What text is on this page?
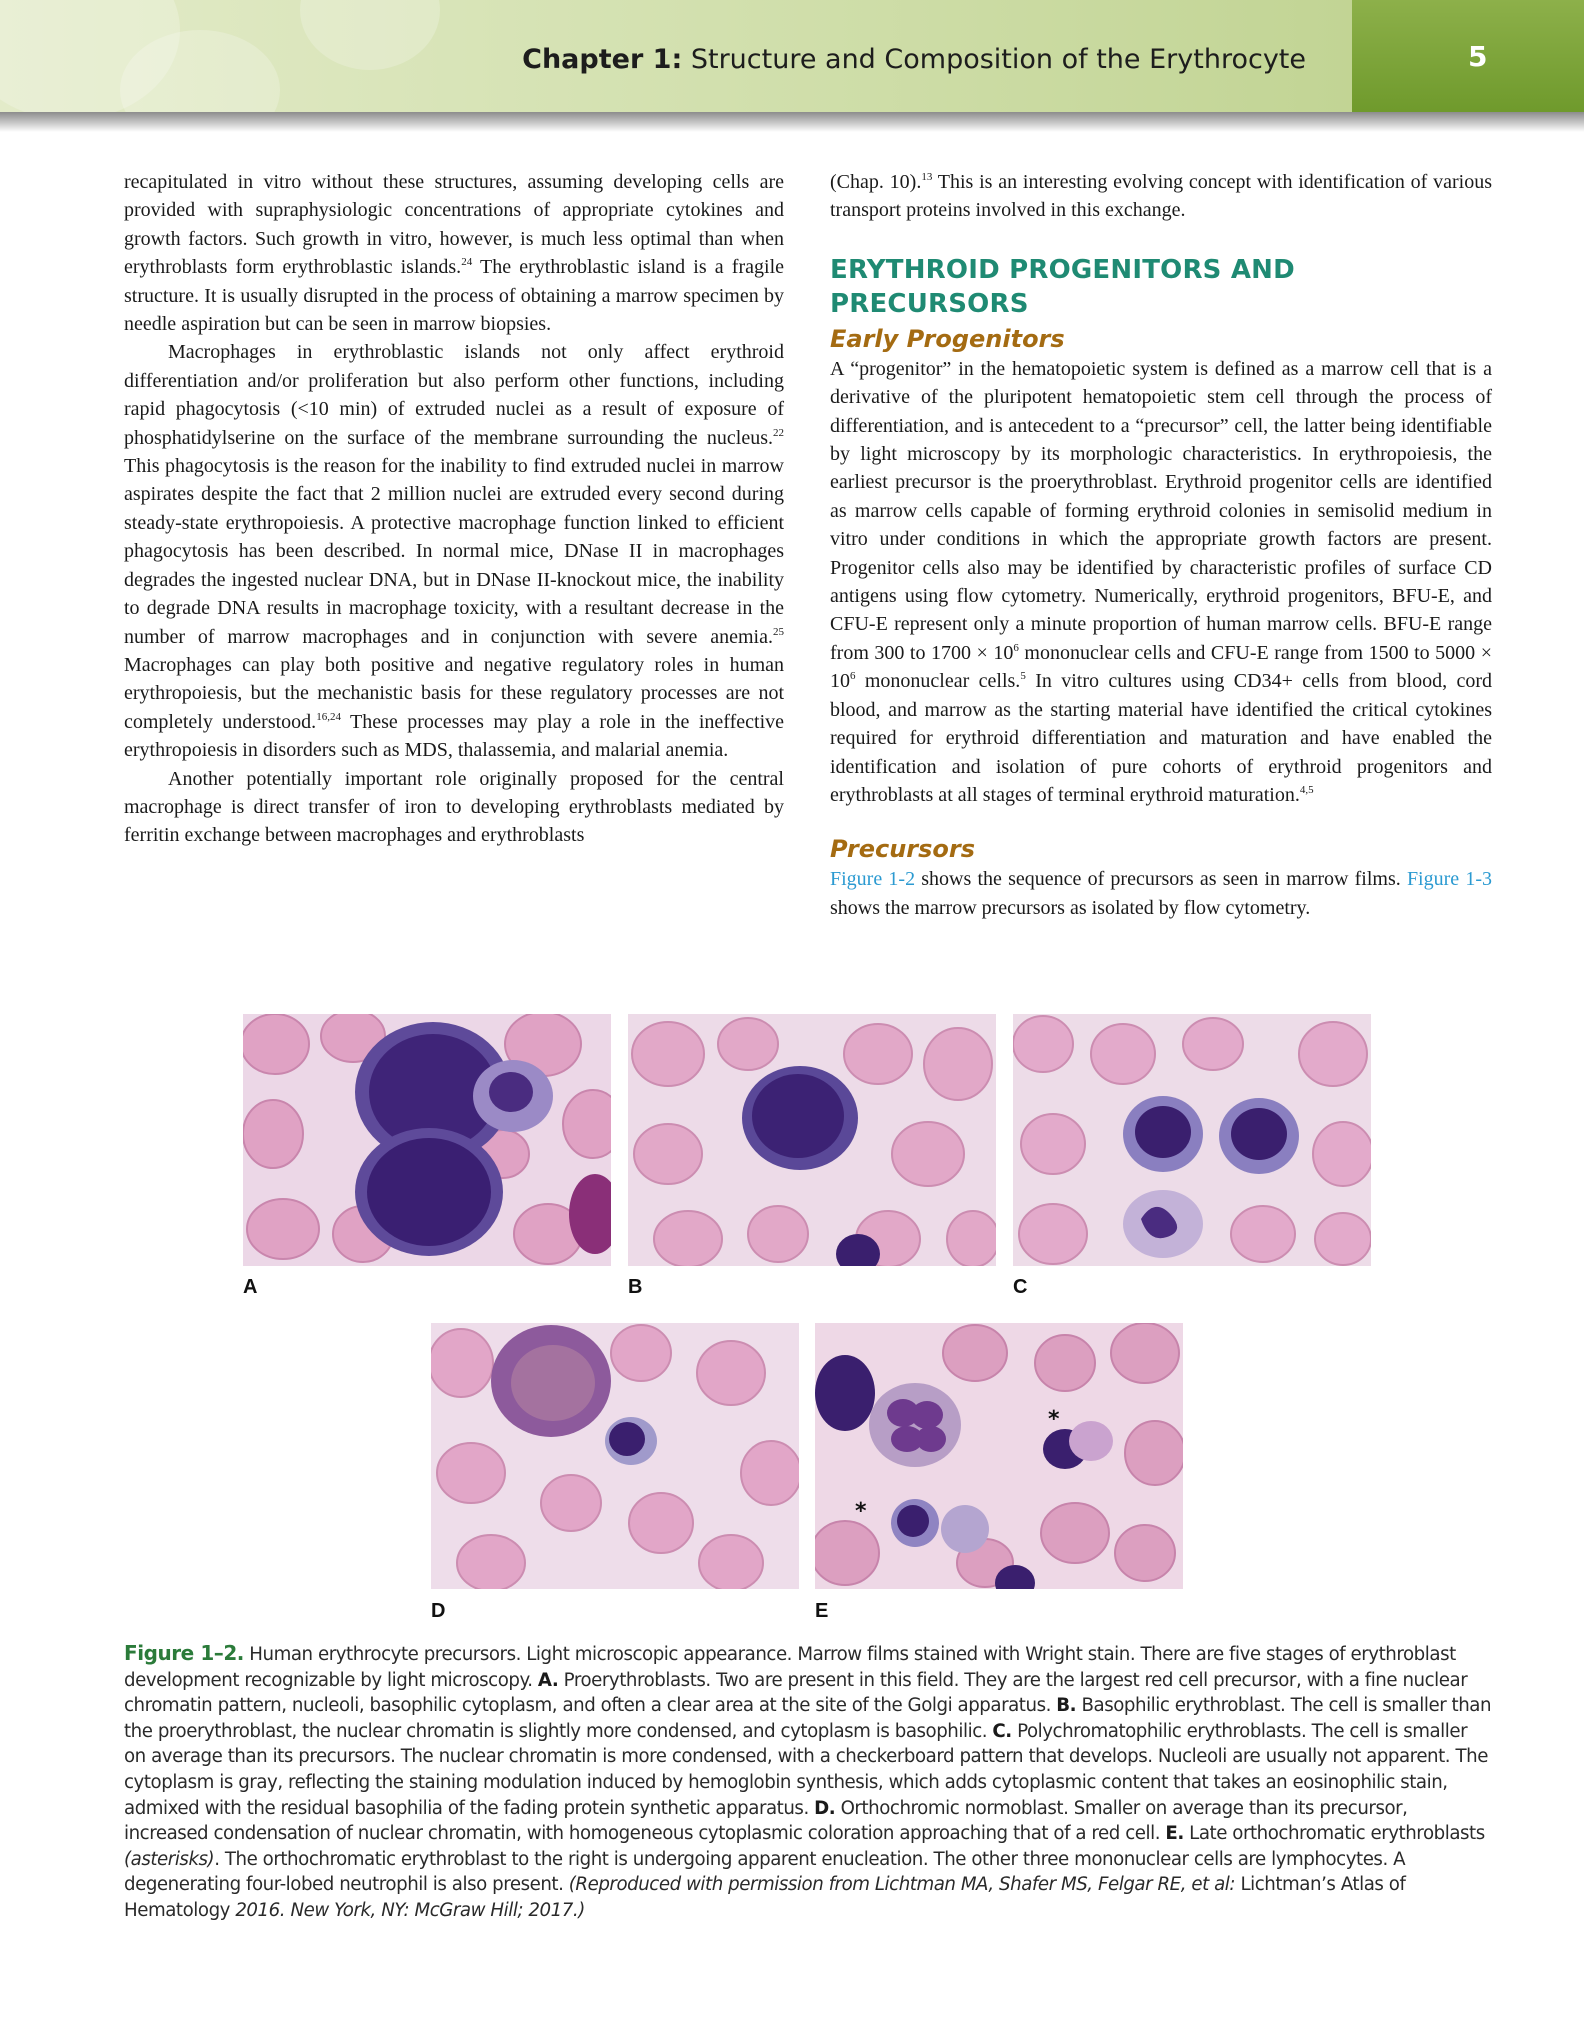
Chapter 1: Structure and Composition of the Erythrocyte	5

recapitulated in vitro without these structures, assuming developing cells are provided with supraphysiologic concentrations of appropriate cytokines and growth factors. Such growth in vitro, however, is much less optimal than when erythroblasts form erythroblastic islands.$^{24}$ The erythroblastic island is a fragile structure. It is usually disrupted in the process of obtaining a marrow specimen by needle aspiration but can be seen in marrow biopsies.

Macrophages in erythroblastic islands not only affect erythroid differentiation and/or proliferation but also perform other functions, including rapid phagocytosis (<10 min) of extruded nuclei as a result of exposure of phosphatidylserine on the surface of the membrane surrounding the nucleus.$^{22}$ This phagocytosis is the reason for the inability to find extruded nuclei in marrow aspirates despite the fact that 2 million nuclei are extruded every second during steady-state erythropoiesis. A protective macrophage function linked to efficient phagocytosis has been described. In normal mice, DNase II in macrophages degrades the ingested nuclear DNA, but in DNase II-knockout mice, the inability to degrade DNA results in macrophage toxicity, with a resultant decrease in the number of marrow macrophages and in conjunction with severe anemia.$^{25}$ Macrophages can play both positive and negative regulatory roles in human erythropoiesis, but the mechanistic basis for these regulatory processes are not completely understood.$^{16,24}$ These processes may play a role in the ineffective erythropoiesis in disorders such as MDS, thalassemia, and malarial anemia.

Another potentially important role originally proposed for the central macrophage is direct transfer of iron to developing erythroblasts mediated by ferritin exchange between macrophages and erythroblasts

(Chap. 10).$^{13}$ This is an interesting evolving concept with identification of various transport proteins involved in this exchange.

ERYTHROID PROGENITORS AND PRECURSORS
Early Progenitors

A “progenitor” in the hematopoietic system is defined as a marrow cell that is a derivative of the pluripotent hematopoietic stem cell through the process of differentiation, and is antecedent to a “precursor” cell, the latter being identifiable by light microscopy by its morphologic characteristics. In erythropoiesis, the earliest precursor is the proerythroblast. Erythroid progenitor cells are identified as marrow cells capable of forming erythroid colonies in semisolid medium in vitro under conditions in which the appropriate growth factors are present. Progenitor cells also may be identified by characteristic profiles of surface CD antigens using flow cytometry. Numerically, erythroid progenitors, BFU-E, and CFU-E represent only a minute proportion of human marrow cells. BFU-E range from 300 to $1700 \times 10^6$ mononuclear cells and CFU-E range from 1500 to $5000 \times 10^6$ mononuclear cells.$^5$ In vitro cultures using CD34+ cells from blood, cord blood, and marrow as the starting material have identified the critical cytokines required for erythroid differentiation and maturation and have enabled the identification and isolation of pure cohorts of erythroid progenitors and erythroblasts at all stages of terminal erythroid maturation.$^{4,5}$

Precursors

Figure 1-2 shows the sequence of precursors as seen in marrow films. Figure 1-3 shows the marrow precursors as isolated by flow cytometry.

A	B	C
D
*
*
E
Figure 1–2. Human erythrocyte precursors. Light microscopic appearance. Marrow films stained with Wright stain. There are five stages of erythroblast development recognizable by light microscopy. A. Proerythroblasts. Two are present in this field. They are the largest red cell precursor, with a fine nuclear chromatin pattern, nucleoli, basophilic cytoplasm, and often a clear area at the site of the Golgi apparatus. B. Basophilic erythroblast. The cell is smaller than the proerythroblast, the nuclear chromatin is slightly more condensed, and cytoplasm is basophilic. C. Polychromatophilic erythroblasts. The cell is smaller on average than its precursors. The nuclear chromatin is more condensed, with a checkerboard pattern that develops. Nucleoli are usually not apparent. The cytoplasm is gray, reflecting the staining modulation induced by hemoglobin synthesis, which adds cytoplasmic content that takes an eosinophilic stain, admixed with the residual basophilia of the fading protein synthetic apparatus. D. Orthochromic normoblast. Smaller on average than its precursor, increased condensation of nuclear chromatin, with homogeneous cytoplasmic coloration approaching that of a red cell. E. Late orthochromatic erythroblasts (asterisks). The orthochromatic erythroblast to the right is undergoing apparent enucleation. The other three mononuclear cells are lymphocytes. A degenerating four-lobed neutrophil is also present. (Reproduced with permission from Lichtman MA, Shafer MS, Felgar RE, et al: Lichtman’s Atlas of Hematology 2016. New York, NY: McGraw Hill; 2017.)
